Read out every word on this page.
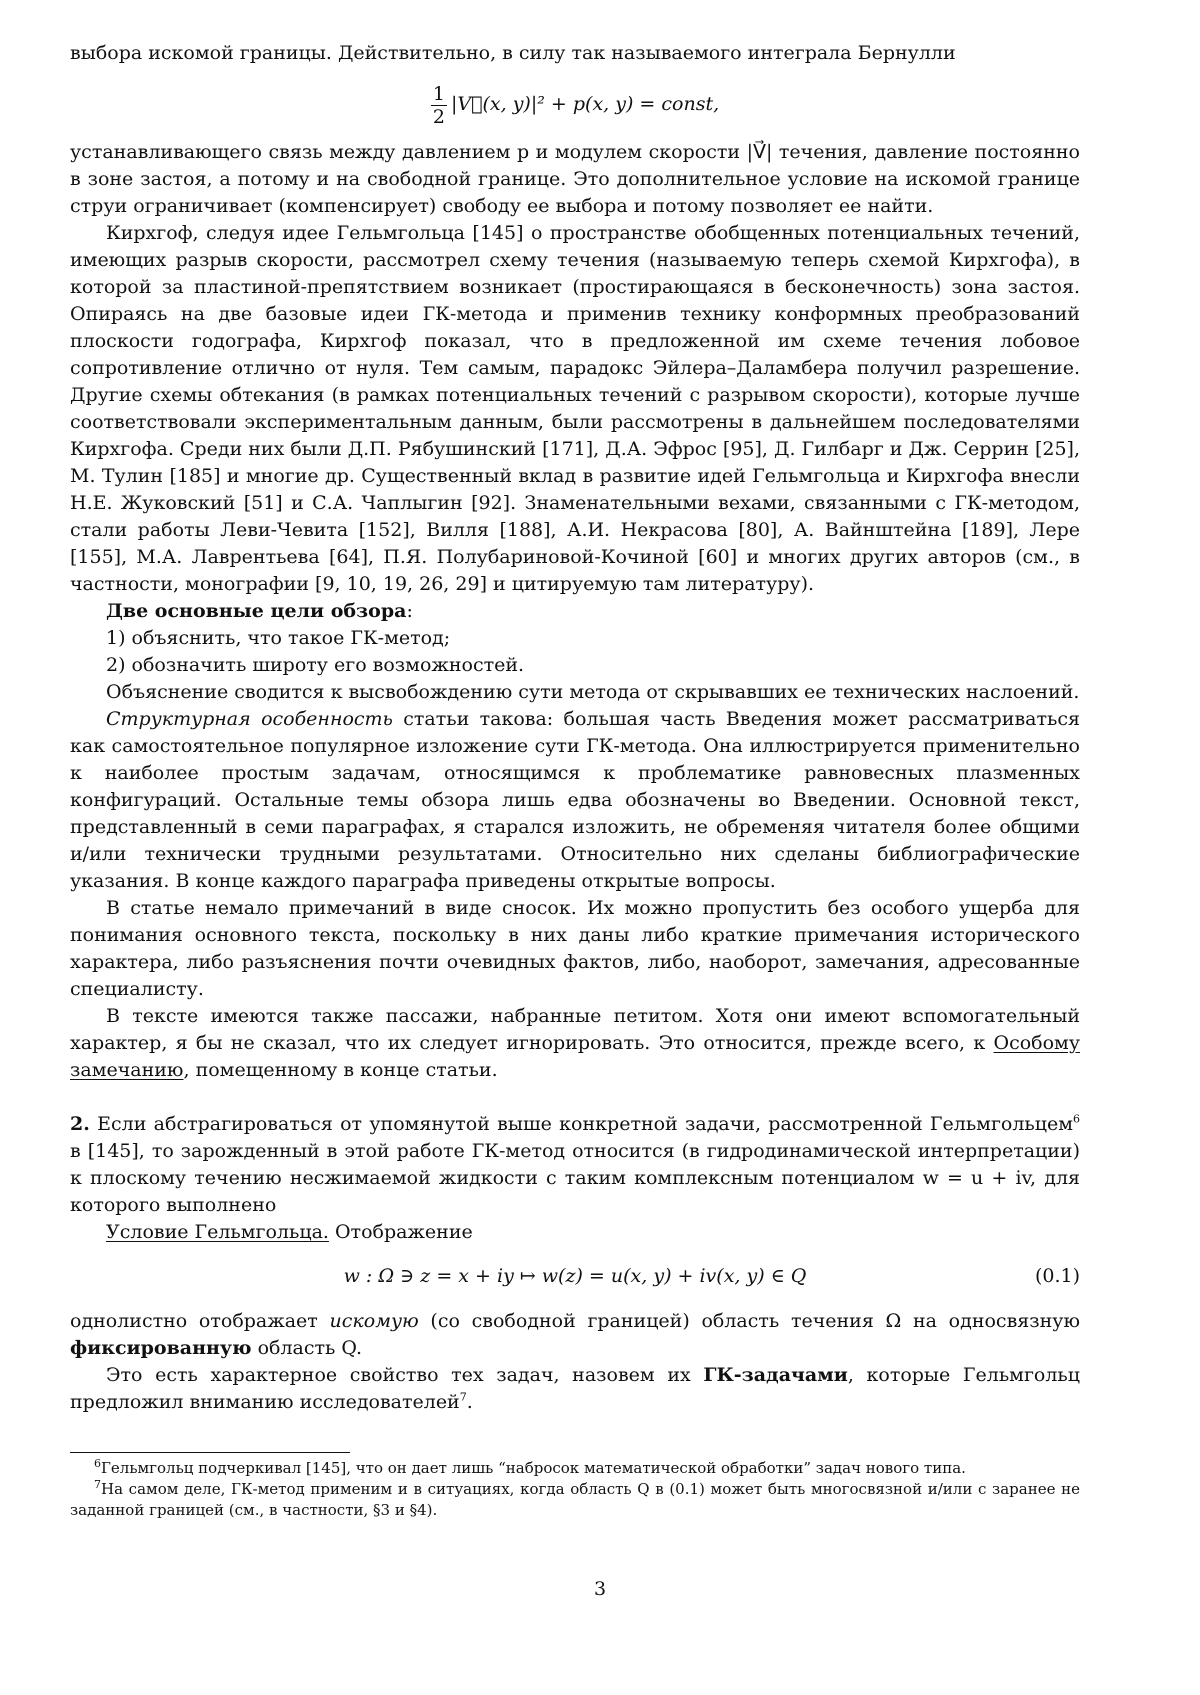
выбора искомой границы. Действительно, в силу так называемого интеграла Бернулли

$\frac{1}{2}$ |V⃗(x, y)|² + p(x, y) = const,

устанавливающего связь между давлением p и модулем скорости |V⃗| течения, давление постоянно в зоне застоя, а потому и на свободной границе. Это дополнительное условие на искомой границе струи ограничивает (компенсирует) свободу ее выбора и потому позволяет ее найти.

Кирхгоф, следуя идее Гельмгольца [145] о пространстве обобщенных потенциальных течений, имеющих разрыв скорости, рассмотрел схему течения (называемую теперь схемой Кирхгофа), в которой за пластиной-препятствием возникает (простирающаяся в бесконечность) зона застоя. Опираясь на две базовые идеи ГК-метода и применив технику конформных преобразований плоскости годографа, Кирхгоф показал, что в предложенной им схеме течения лобовое сопротивление отлично от нуля. Тем самым, парадокс Эйлера–Даламбера получил разрешение. Другие схемы обтекания (в рамках потенциальных течений с разрывом скорости), которые лучше соответствовали экспериментальным данным, были рассмотрены в дальнейшем последователями Кирхгофа. Среди них были Д.П. Рябушинский [171], Д.А. Эфрос [95], Д. Гилбарг и Дж. Серрин [25], М. Тулин [185] и многие др. Существенный вклад в развитие идей Гельмгольца и Кирхгофа внесли Н.Е. Жуковский [51] и С.А. Чаплыгин [92]. Знаменательными вехами, связанными с ГК-методом, стали работы Леви-Чевита [152], Вилля [188], А.И. Некрасова [80], А. Вайнштейна [189], Лере [155], М.А. Лаврентьева [64], П.Я. Полубариновой-Кочиной [60] и многих других авторов (см., в частности, монографии [9, 10, 19, 26, 29] и цитируемую там литературу).

Две основные цели обзора:

1) объяснить, что такое ГК-метод;

2) обозначить широту его возможностей.

Объяснение сводится к высвобождению сути метода от скрывавших ее технических наслоений.

Структурная особенность статьи такова: большая часть Введения может рассматриваться как самостоятельное популярное изложение сути ГК-метода. Она иллюстрируется применительно к наиболее простым задачам, относящимся к проблематике равновесных плазменных конфигураций. Остальные темы обзора лишь едва обозначены во Введении. Основной текст, представленный в семи параграфах, я старался изложить, не обременяя читателя более общими и/или технически трудными результатами. Относительно них сделаны библиографические указания. В конце каждого параграфа приведены открытые вопросы.

В статье немало примечаний в виде сносок. Их можно пропустить без особого ущерба для понимания основного текста, поскольку в них даны либо краткие примечания исторического характера, либо разъяснения почти очевидных фактов, либо, наоборот, замечания, адресованные специалисту.

В тексте имеются также пассажи, набранные петитом. Хотя они имеют вспомогательный характер, я бы не сказал, что их следует игнорировать. Это относится, прежде всего, к Особому замечанию, помещенному в конце статьи.

2. Если абстрагироваться от упомянутой выше конкретной задачи, рассмотренной Гельмгольцем$^6$ в [145], то зарожденный в этой работе ГК-метод относится (в гидродинамической интерпретации) к плоскому течению несжимаемой жидкости с таким комплексным потенциалом w = u + iv, для которого выполнено

Условие Гельмгольца. Отображение

w : Ω ∋ z = x + iy ↦ w(z) = u(x, y) + iv(x, y) ∈ Q	(0.1)

однолистно отображает искомую (со свободной границей) область течения Ω на односвязную фиксированную область Q.

Это есть характерное свойство тех задач, назовем их ГК-задачами, которые Гельмгольц предложил вниманию исследователей$^7$.

$^6$Гельмгольц подчеркивал [145], что он дает лишь “набросок математической обработки” задач нового типа.

$^7$На самом деле, ГК-метод применим и в ситуациях, когда область Q в (0.1) может быть многосвязной и/или с заранее не заданной границей (см., в частности, §3 и §4).

3
